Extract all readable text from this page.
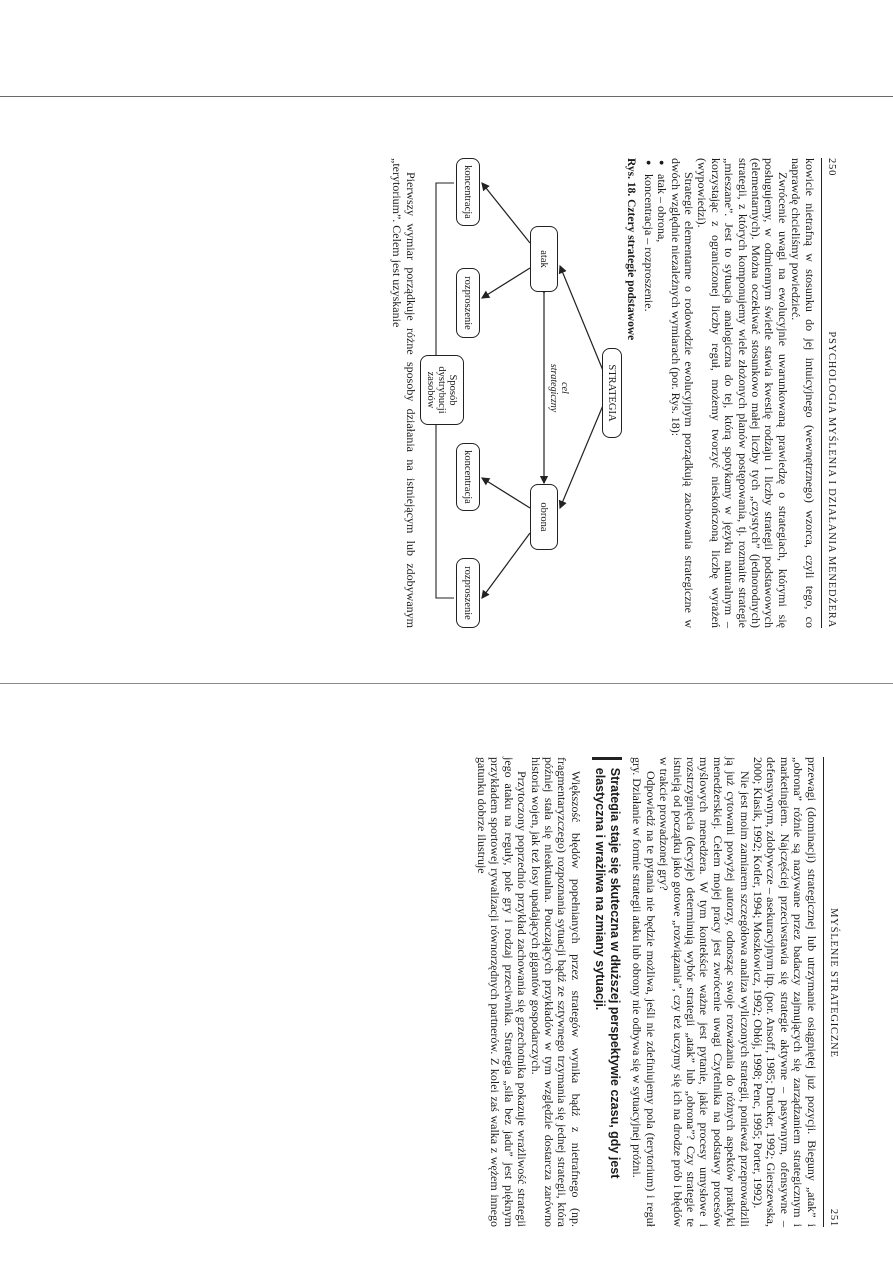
250
PSYCHOLOGIA MYŚLENIA I DZIAŁANIA MENEDŻERA

kowicie nietrafną w stosunku do jej intuicyjnego (wewnętrznego) wzorca, czyli tego, co naprawdę chcieliśmy powiedzieć.

Zwrócenie uwagi na ewolucyjnie uwarunkowaną prawiedzę o strategiach, którymi się posługujemy, w odmiennym świetle stawia kwestię rodzaju i liczby strategii podstawowych (elementarnych). Można oczekiwać stosunkowo małej liczby tych „czystych” (jednorodnych) strategii, z których komponujemy wiele złożonych planów postępowania, tj. rozmaite strategie „mieszane”. Jest to sytuacja analogiczna do tej, którą spotykamy w języku naturalnym – korzystając z ograniczonej liczby reguł, możemy tworzyć nieskończoną liczbę wyrażeń (wypowiedzi).

Strategie elementarne o rodowodzie ewolucyjnym porządkują zachowania strategiczne w dwóch względnie niezależnych wymiarach (por. Rys. 18):

● atak – obrona,
● koncentracja – rozproszenie.
Rys. 18. Cztery strategie podstawowe
STRATEGIA
atak
obrona
cel
strategiczny
koncentracja
rozproszenie
koncentracja
rozproszenie
Sposób
dystrybucji
zasobów

Pierwszy wymiar porządkuje różne sposoby działania na istniejącym lub zdobywanym „terytorium”. Celem jest uzyskanie

MYŚLENIE STRATEGICZNE
251

przewagi (dominacji) strategicznej lub utrzymanie osiągniętej już pozycji. Bieguny „atak” i „obrona” różnie są nazywane przez badaczy zajmujących się zarządzaniem strategicznym i marketingiem. Najczęściej przeciwstawia się strategie aktywne – pasywnym, ofensywne – defensywnym, zdobywcze – asekuracyjnym itp. (por. Ansoff, 1985; Drucker, 1992; Gierszewska, 2000; Klasik, 1992; Kotler, 1994; Moszkowicz, 1992; Obłój, 1998; Penc, 1995; Porter, 1992).

Nie jest moim zamiarem szczegółowa analiza wyliczonych strategii, ponieważ przeprowadzili ją już cytowani powyżej autorzy, odnosząc swoje rozważania do różnych aspektów praktyki menedżerskiej. Celem mojej pracy jest zwrócenie uwagi Czytelnika na podstawy procesów myślowych menedżera. W tym kontekście ważne jest pytanie, jakie procesy umysłowe i rozstrzygnięcia (decyzje) determinują wybór strategii „atak” lub „obrona”? Czy strategie te istnieją od początku jako gotowe „rozwiązania”, czy też uczymy się ich na drodze prób i błędów w trakcie prowadzonej gry?

Odpowiedź na te pytania nie będzie możliwa, jeśli nie zdefiniujemy pola (terytorium) i reguł gry. Działanie w formie strategii ataku lub obrony nie odbywa się w sytuacyjnej próżni.

Strategia staje się skuteczna w dłuższej perspektywie czasu, gdy jest elastyczna i wrażliwa na zmiany sytuacji.

Większość błędów popełnianych przez strategów wynika bądź z nietrafnego (np. fragmentaryzczego) rozpoznania sytuacji bądź ze sztywnego trzymania się jednej strategii, która później stała się nieaktualna. Pouczających przykładów w tym względzie dostarcza zarówno historia wojen, jak też losy upadających gigantów gospodarczych.

Przytoczony poprzednio przykład zachowania się grzechotnika pokazuje wrażliwość strategii jego ataku na reguły, pole gry i rodzaj przeciwnika. Strategia „siła bez jadu” jest pięknym przykładem sportowej rywalizacji równorzędnych partnerów. Z kolei zaś walka z wężem innego gatunku dobrze ilustruje
